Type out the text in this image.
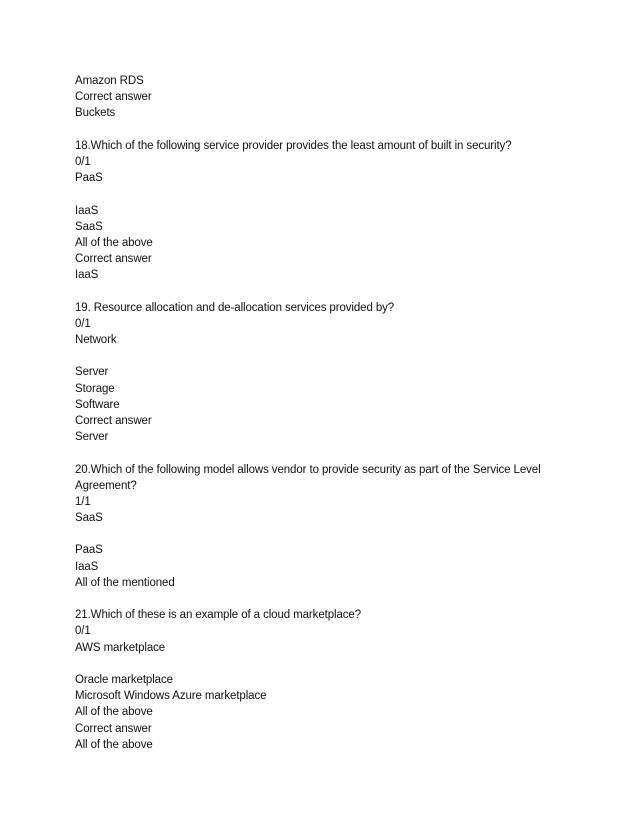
Amazon RDS
Correct answer
Buckets
18.Which of the following service provider provides the least amount of built in security?
0/1
PaaS
IaaS
SaaS
All of the above
Correct answer
IaaS
19. Resource allocation and de-allocation services provided by?
0/1
Network
Server
Storage
Software
Correct answer
Server
20.Which of the following model allows vendor to provide security as part of the Service Level
Agreement?
1/1
SaaS
PaaS
IaaS
All of the mentioned
21.Which of these is an example of a cloud marketplace?
0/1
AWS marketplace
Oracle marketplace
Microsoft Windows Azure marketplace
All of the above
Correct answer
All of the above
